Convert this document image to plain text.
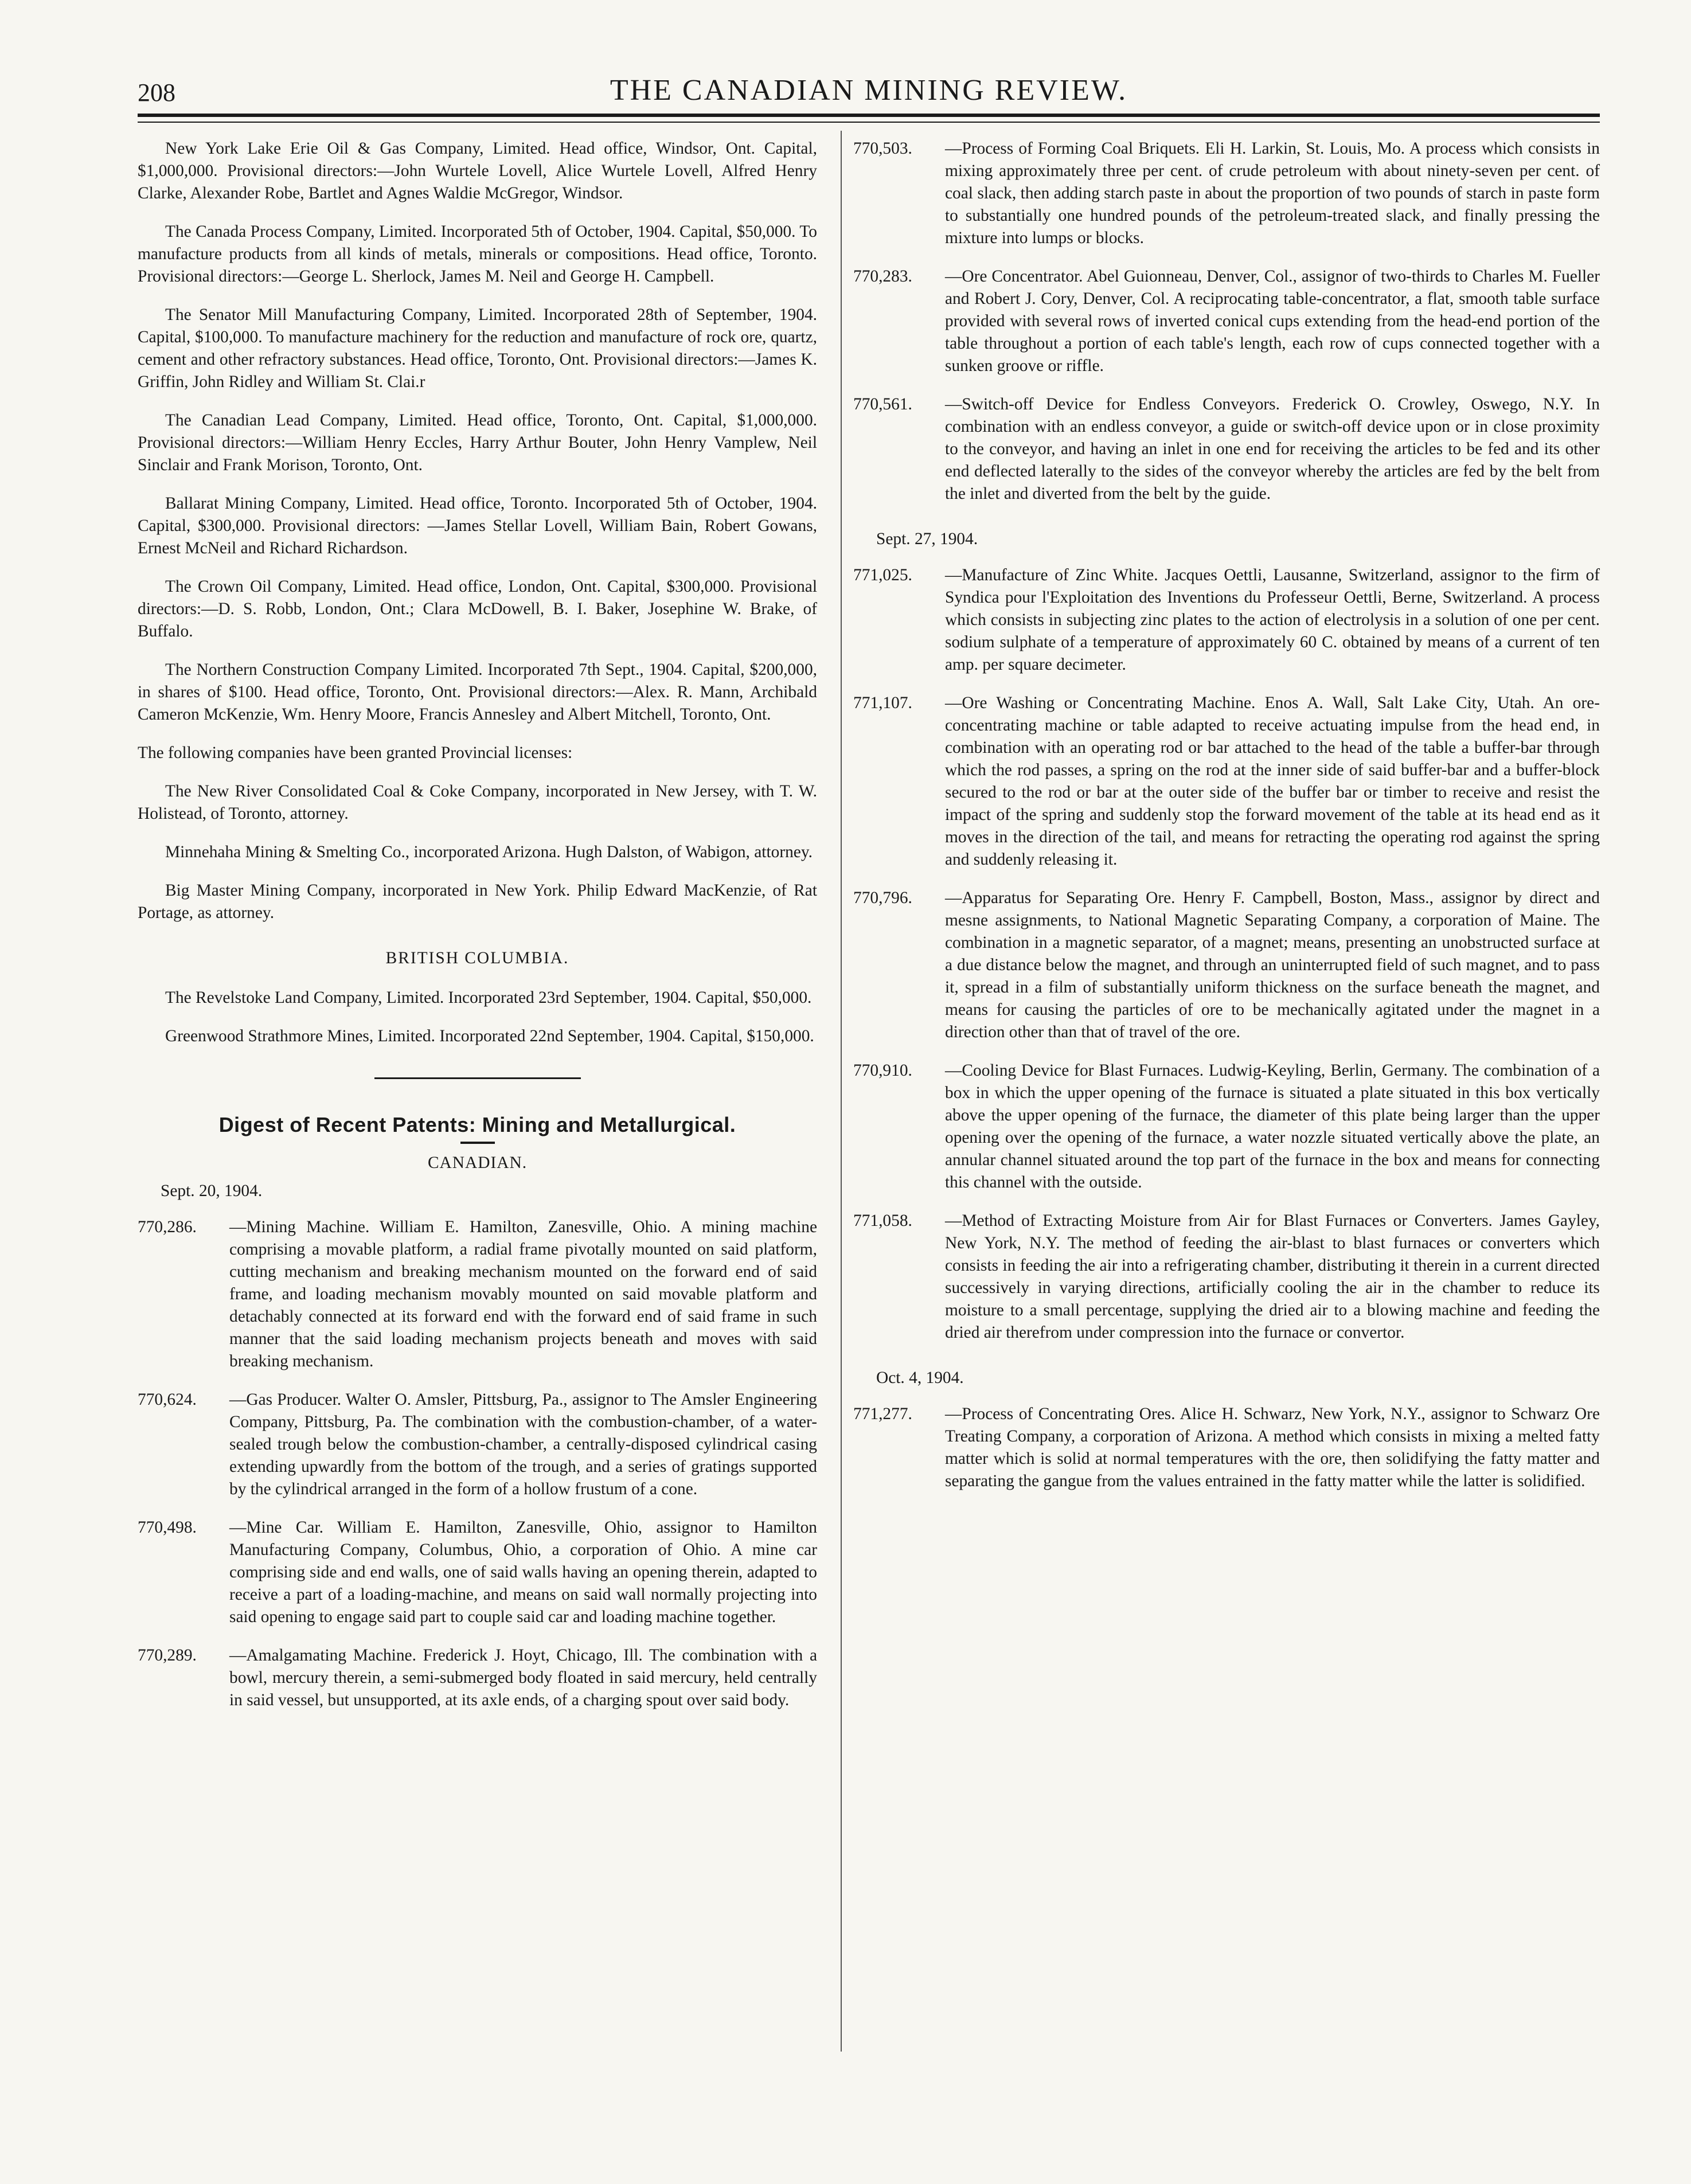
208	THE CANADIAN MINING REVIEW.

New York Lake Erie Oil & Gas Company, Limited. Head office, Windsor, Ont. Capital, $1,000,000. Provisional directors:—John Wurtele Lovell, Alice Wurtele Lovell, Alfred Henry Clarke, Alexander Robe, Bartlet and Agnes Waldie McGregor, Windsor.

The Canada Process Company, Limited. Incorporated 5th of October, 1904. Capital, $50,000. To manufacture products from all kinds of metals, minerals or compositions. Head office, Toronto. Provisional directors:—George L. Sherlock, James M. Neil and George H. Campbell.

The Senator Mill Manufacturing Company, Limited. Incorporated 28th of September, 1904. Capital, $100,000. To manufacture machinery for the reduction and manufacture of rock ore, quartz, cement and other refractory substances. Head office, Toronto, Ont. Provisional directors:—James K. Griffin, John Ridley and William St. Clai.r

The Canadian Lead Company, Limited. Head office, Toronto, Ont. Capital, $1,000,000. Provisional directors:—William Henry Eccles, Harry Arthur Bouter, John Henry Vamplew, Neil Sinclair and Frank Morison, Toronto, Ont.

Ballarat Mining Company, Limited. Head office, Toronto. Incorporated 5th of October, 1904. Capital, $300,000. Provisional directors: —James Stellar Lovell, William Bain, Robert Gowans, Ernest McNeil and Richard Richardson.

The Crown Oil Company, Limited. Head office, London, Ont. Capital, $300,000. Provisional directors:—D. S. Robb, London, Ont.; Clara McDowell, B. I. Baker, Josephine W. Brake, of Buffalo.

The Northern Construction Company Limited. Incorporated 7th Sept., 1904. Capital, $200,000, in shares of $100. Head office, Toronto, Ont. Provisional directors:—Alex. R. Mann, Archibald Cameron McKenzie, Wm. Henry Moore, Francis Annesley and Albert Mitchell, Toronto, Ont.

The following companies have been granted Provincial licenses:

The New River Consolidated Coal & Coke Company, incorporated in New Jersey, with T. W. Holistead, of Toronto, attorney.

Minnehaha Mining & Smelting Co., incorporated Arizona. Hugh Dalston, of Wabigon, attorney.

Big Master Mining Company, incorporated in New York. Philip Edward MacKenzie, of Rat Portage, as attorney.

BRITISH COLUMBIA.

The Revelstoke Land Company, Limited. Incorporated 23rd September, 1904. Capital, $50,000.

Greenwood Strathmore Mines, Limited. Incorporated 22nd September, 1904. Capital, $150,000.

Digest of Recent Patents: Mining and Metallurgical.

CANADIAN.

Sept. 20, 1904.

770,286. —Mining Machine. William E. Hamilton, Zanesville, Ohio. A mining machine comprising a movable platform, a radial frame pivotally mounted on said platform, cutting mechanism and breaking mechanism mounted on the forward end of said frame, and loading mechanism movably mounted on said movable platform and detachably connected at its forward end with the forward end of said frame in such manner that the said loading mechanism projects beneath and moves with said breaking mechanism.
770,624. —Gas Producer. Walter O. Amsler, Pittsburg, Pa., assignor to The Amsler Engineering Company, Pittsburg, Pa. The combination with the combustion-chamber, of a water-sealed trough below the combustion-chamber, a centrally-disposed cylindrical casing extending upwardly from the bottom of the trough, and a series of gratings supported by the cylindrical arranged in the form of a hollow frustum of a cone.
770,498. —Mine Car. William E. Hamilton, Zanesville, Ohio, assignor to Hamilton Manufacturing Company, Columbus, Ohio, a corporation of Ohio. A mine car comprising side and end walls, one of said walls having an opening therein, adapted to receive a part of a loading-machine, and means on said wall normally projecting into said opening to engage said part to couple said car and loading machine together.
770,289. —Amalgamating Machine. Frederick J. Hoyt, Chicago, Ill. The combination with a bowl, mercury therein, a semi-submerged body floated in said mercury, held centrally in said vessel, but unsupported, at its axle ends, of a charging spout over said body.
770,503. —Process of Forming Coal Briquets. Eli H. Larkin, St. Louis, Mo. A process which consists in mixing approximately three per cent. of crude petroleum with about ninety-seven per cent. of coal slack, then adding starch paste in about the proportion of two pounds of starch in paste form to substantially one hundred pounds of the petroleum-treated slack, and finally pressing the mixture into lumps or blocks.
770,283. —Ore Concentrator. Abel Guionneau, Denver, Col., assignor of two-thirds to Charles M. Fueller and Robert J. Cory, Denver, Col. A reciprocating table-concentrator, a flat, smooth table surface provided with several rows of inverted conical cups extending from the head-end portion of the table throughout a portion of each table's length, each row of cups connected together with a sunken groove or riffle.
770,561. —Switch-off Device for Endless Conveyors. Frederick O. Crowley, Oswego, N.Y. In combination with an endless conveyor, a guide or switch-off device upon or in close proximity to the conveyor, and having an inlet in one end for receiving the articles to be fed and its other end deflected laterally to the sides of the conveyor whereby the articles are fed by the belt from the inlet and diverted from the belt by the guide.

Sept. 27, 1904.

771,025. —Manufacture of Zinc White. Jacques Oettli, Lausanne, Switzerland, assignor to the firm of Syndica pour l'Exploitation des Inventions du Professeur Oettli, Berne, Switzerland. A process which consists in subjecting zinc plates to the action of electrolysis in a solution of one per cent. sodium sulphate of a temperature of approximately 60 C. obtained by means of a current of ten amp. per square decimeter.
771,107. —Ore Washing or Concentrating Machine. Enos A. Wall, Salt Lake City, Utah. An ore-concentrating machine or table adapted to receive actuating impulse from the head end, in combination with an operating rod or bar attached to the head of the table a buffer-bar through which the rod passes, a spring on the rod at the inner side of said buffer-bar and a buffer-block secured to the rod or bar at the outer side of the buffer bar or timber to receive and resist the impact of the spring and suddenly stop the forward movement of the table at its head end as it moves in the direction of the tail, and means for retracting the operating rod against the spring and suddenly releasing it.
770,796. —Apparatus for Separating Ore. Henry F. Campbell, Boston, Mass., assignor by direct and mesne assignments, to National Magnetic Separating Company, a corporation of Maine. The combination in a magnetic separator, of a magnet; means, presenting an unobstructed surface at a due distance below the magnet, and through an uninterrupted field of such magnet, and to pass it, spread in a film of substantially uniform thickness on the surface beneath the magnet, and means for causing the particles of ore to be mechanically agitated under the magnet in a direction other than that of travel of the ore.
770,910. —Cooling Device for Blast Furnaces. Ludwig-Keyling, Berlin, Germany. The combination of a box in which the upper opening of the furnace is situated a plate situated in this box vertically above the upper opening of the furnace, the diameter of this plate being larger than the upper opening over the opening of the furnace, a water nozzle situated vertically above the plate, an annular channel situated around the top part of the furnace in the box and means for connecting this channel with the outside.
771,058. —Method of Extracting Moisture from Air for Blast Furnaces or Converters. James Gayley, New York, N.Y. The method of feeding the air-blast to blast furnaces or converters which consists in feeding the air into a refrigerating chamber, distributing it therein in a current directed successively in varying directions, artificially cooling the air in the chamber to reduce its moisture to a small percentage, supplying the dried air to a blowing machine and feeding the dried air therefrom under compression into the furnace or convertor.

Oct. 4, 1904.

771,277. —Process of Concentrating Ores. Alice H. Schwarz, New York, N.Y., assignor to Schwarz Ore Treating Company, a corporation of Arizona. A method which consists in mixing a melted fatty matter which is solid at normal temperatures with the ore, then solidifying the fatty matter and separating the gangue from the values entrained in the fatty matter while the latter is solidified.
